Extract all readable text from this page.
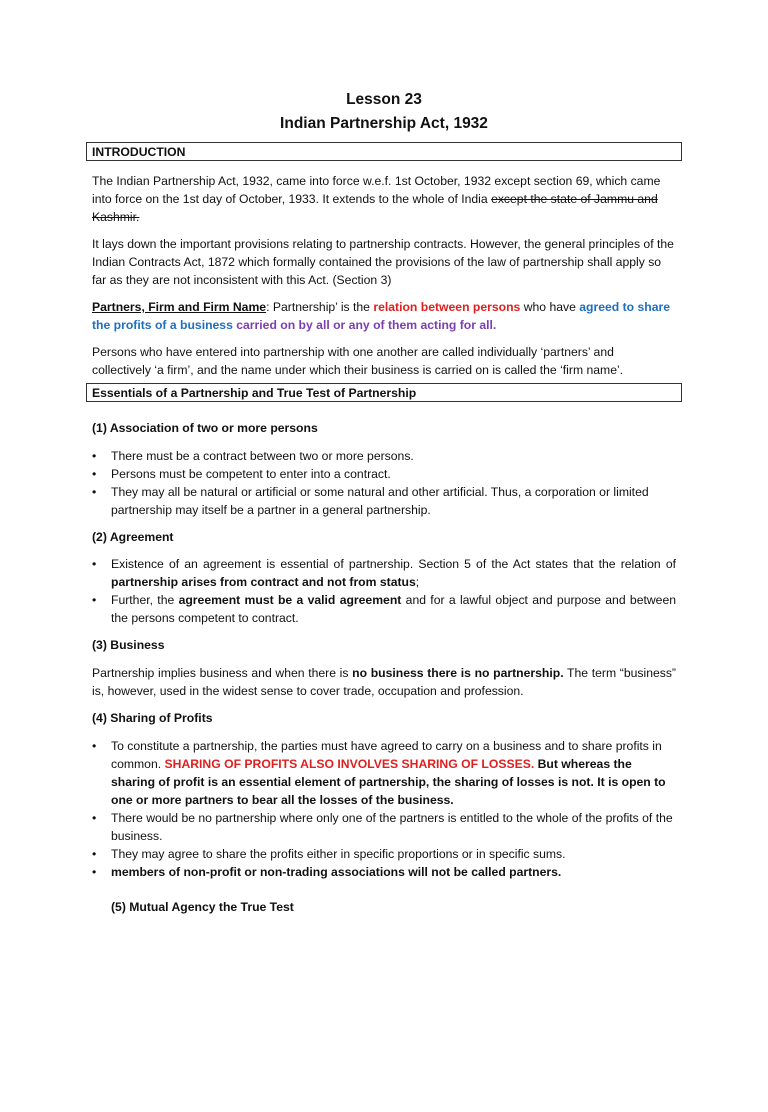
Lesson 23
Indian Partnership Act, 1932
INTRODUCTION

The Indian Partnership Act, 1932, came into force w.e.f. 1st October, 1932 except section 69, which came into force on the 1st day of October, 1933. It extends to the whole of India except the state of Jammu and Kashmir.

It lays down the important provisions relating to partnership contracts. However, the general principles of the Indian Contracts Act, 1872 which formally contained the provisions of the law of partnership shall apply so far as they are not inconsistent with this Act. (Section 3)

Partners, Firm and Firm Name: Partnership’ is the relation between persons who have agreed to share the profits of a business carried on by all or any of them acting for all.

Persons who have entered into partnership with one another are called individually ‘partners’ and collectively ‘a firm’, and the name under which their business is carried on is called the ‘firm name’.

Essentials of a Partnership and True Test of Partnership
(1) Association of two or more persons
• There must be a contract between two or more persons.
• Persons must be competent to enter into a contract.
• They may all be natural or artificial or some natural and other artificial. Thus, a corporation or limited partnership may itself be a partner in a general partnership.
(2) Agreement
• Existence of an agreement is essential of partnership. Section 5 of the Act states that the relation of partnership arises from contract and not from status;
• Further, the agreement must be a valid agreement and for a lawful object and purpose and between the persons competent to contract.
(3) Business

Partnership implies business and when there is no business there is no partnership. The term “business” is, however, used in the widest sense to cover trade, occupation and profession.

(4) Sharing of Profits
• To constitute a partnership, the parties must have agreed to carry on a business and to share profits in common. SHARING OF PROFITS ALSO INVOLVES SHARING OF LOSSES. But whereas the sharing of profit is an essential element of partnership, the sharing of losses is not. It is open to one or more partners to bear all the losses of the business.
• There would be no partnership where only one of the partners is entitled to the whole of the profits of the business.
• They may agree to share the profits either in specific proportions or in specific sums.
• members of non-profit or non-trading associations will not be called partners.
(5) Mutual Agency the True Test
